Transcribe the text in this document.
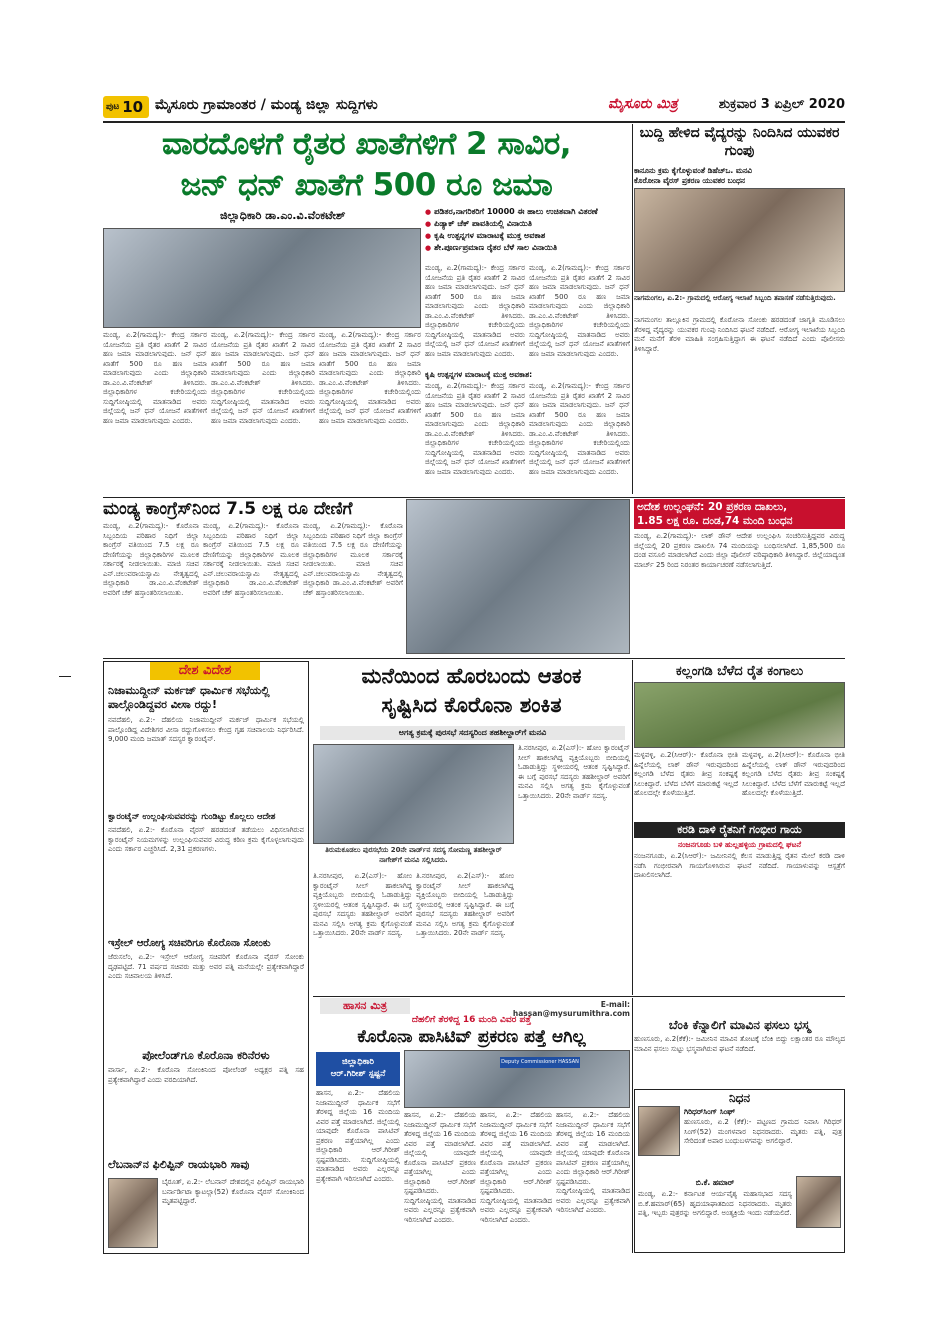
ಪುಟ 10 ಮೈಸೂರು ಗ್ರಾಮಾಂತರ / ಮಂಡ್ಯ ಜಿಲ್ಲಾ ಸುದ್ದಿಗಳು	ಮೈಸೂರು ಮಿತ್ರ	ಶುಕ್ರವಾರ 3 ಏಪ್ರಿಲ್ 2020
ವಾರದೊಳಗೆ ರೈತರ ಖಾತೆಗಳಿಗೆ 2 ಸಾವಿರ,
ಜನ್ ಧನ್ ಖಾತೆಗೆ 500 ರೂ ಜಮಾ
ಜಿಲ್ಲಾಧಿಕಾರಿ ಡಾ.ಎಂ.ವಿ.ವೆಂಕಟೇಶ್
●	ಪಡಿತರ,ನಾಗರಿಕರಿಗೆ 10000 ಈ ಹಾಲು ಉಚಿತವಾಗಿ ವಿತರಣೆ
● ಪಿಡ್ಯಾಕ್ ಚೆಕ್ ಪಾವತಿಯಲ್ಲಿ ವಿನಾಯಿತಿ
● ಕೃಷಿ ಉತ್ಪನ್ನಗಳ ಮಾರಾಟಕ್ಕೆ ಮುಕ್ತ ಅವಕಾಶ
● ಶೇ.ಪೂರ್ಣಪ್ರಮಾಣ ರೈತರ ಬೆಳೆ ಸಾಲ ವಿನಾಯಿತಿ
ಮಂಡ್ಯ, ಏ.2(ಗಾಮದ್ಯ):- ಕೇಂದ್ರ ಸರ್ಕಾರ ಯೋಜನೆಯ ಪ್ರತಿ ರೈತರ ಖಾತೆಗೆ 2 ಸಾವಿರ ಹಣ ಜಮಾ ಮಾಡಲಾಗುವುದು. ಜನ್ ಧನ್ ಖಾತೆಗೆ 500 ರೂ ಹಣ ಜಮಾ ಮಾಡಲಾಗುವುದು ಎಂದು ಜಿಲ್ಲಾಧಿಕಾರಿ ಡಾ.ಎಂ.ವಿ.ವೆಂಕಟೇಶ್ ತಿಳಿಸಿದರು. ಜಿಲ್ಲಾಧಿಕಾರಿಗಳ ಕಚೇರಿಯಲ್ಲಿಂದು ಸುದ್ದಿಗೋಷ್ಠಿಯಲ್ಲಿ ಮಾತನಾಡಿದ ಅವರು ಜಿಲ್ಲೆಯಲ್ಲಿ ಜನ್ ಧನ್ ಯೋಜನೆ ಖಾತೆಗಳಿಗೆ ಹಣ ಜಮಾ ಮಾಡಲಾಗುವುದು ಎಂದರು.
ಮಂಡ್ಯ, ಏ.2(ಗಾಮದ್ಯ):- ಕೇಂದ್ರ ಸರ್ಕಾರ ಯೋಜನೆಯ ಪ್ರತಿ ರೈತರ ಖಾತೆಗೆ 2 ಸಾವಿರ ಹಣ ಜಮಾ ಮಾಡಲಾಗುವುದು. ಜನ್ ಧನ್ ಖಾತೆಗೆ 500 ರೂ ಹಣ ಜಮಾ ಮಾಡಲಾಗುವುದು ಎಂದು ಜಿಲ್ಲಾಧಿಕಾರಿ ಡಾ.ಎಂ.ವಿ.ವೆಂಕಟೇಶ್ ತಿಳಿಸಿದರು. ಜಿಲ್ಲಾಧಿಕಾರಿಗಳ ಕಚೇರಿಯಲ್ಲಿಂದು ಸುದ್ದಿಗೋಷ್ಠಿಯಲ್ಲಿ ಮಾತನಾಡಿದ ಅವರು ಜಿಲ್ಲೆಯಲ್ಲಿ ಜನ್ ಧನ್ ಯೋಜನೆ ಖಾತೆಗಳಿಗೆ ಹಣ ಜಮಾ ಮಾಡಲಾಗುವುದು ಎಂದರು.
ಮಂಡ್ಯ, ಏ.2(ಗಾಮದ್ಯ):- ಕೇಂದ್ರ ಸರ್ಕಾರ ಯೋಜನೆಯ ಪ್ರತಿ ರೈತರ ಖಾತೆಗೆ 2 ಸಾವಿರ ಹಣ ಜಮಾ ಮಾಡಲಾಗುವುದು. ಜನ್ ಧನ್ ಖಾತೆಗೆ 500 ರೂ ಹಣ ಜಮಾ ಮಾಡಲಾಗುವುದು ಎಂದು ಜಿಲ್ಲಾಧಿಕಾರಿ ಡಾ.ಎಂ.ವಿ.ವೆಂಕಟೇಶ್ ತಿಳಿಸಿದರು. ಜಿಲ್ಲಾಧಿಕಾರಿಗಳ ಕಚೇರಿಯಲ್ಲಿಂದು ಸುದ್ದಿಗೋಷ್ಠಿಯಲ್ಲಿ ಮಾತನಾಡಿದ ಅವರು ಜಿಲ್ಲೆಯಲ್ಲಿ ಜನ್ ಧನ್ ಯೋಜನೆ ಖಾತೆಗಳಿಗೆ ಹಣ ಜಮಾ ಮಾಡಲಾಗುವುದು ಎಂದರು.
ಮಂಡ್ಯ, ಏ.2(ಗಾಮದ್ಯ):- ಕೇಂದ್ರ ಸರ್ಕಾರ ಯೋಜನೆಯ ಪ್ರತಿ ರೈತರ ಖಾತೆಗೆ 2 ಸಾವಿರ ಹಣ ಜಮಾ ಮಾಡಲಾಗುವುದು. ಜನ್ ಧನ್ ಖಾತೆಗೆ 500 ರೂ ಹಣ ಜಮಾ ಮಾಡಲಾಗುವುದು ಎಂದು ಜಿಲ್ಲಾಧಿಕಾರಿ ಡಾ.ಎಂ.ವಿ.ವೆಂಕಟೇಶ್ ತಿಳಿಸಿದರು. ಜಿಲ್ಲಾಧಿಕಾರಿಗಳ ಕಚೇರಿಯಲ್ಲಿಂದು ಸುದ್ದಿಗೋಷ್ಠಿಯಲ್ಲಿ ಮಾತನಾಡಿದ ಅವರು ಜಿಲ್ಲೆಯಲ್ಲಿ ಜನ್ ಧನ್ ಯೋಜನೆ ಖಾತೆಗಳಿಗೆ ಹಣ ಜಮಾ ಮಾಡಲಾಗುವುದು ಎಂದರು.
ಮಂಡ್ಯ, ಏ.2(ಗಾಮದ್ಯ):- ಕೇಂದ್ರ ಸರ್ಕಾರ ಯೋಜನೆಯ ಪ್ರತಿ ರೈತರ ಖಾತೆಗೆ 2 ಸಾವಿರ ಹಣ ಜಮಾ ಮಾಡಲಾಗುವುದು. ಜನ್ ಧನ್ ಖಾತೆಗೆ 500 ರೂ ಹಣ ಜಮಾ ಮಾಡಲಾಗುವುದು ಎಂದು ಜಿಲ್ಲಾಧಿಕಾರಿ ಡಾ.ಎಂ.ವಿ.ವೆಂಕಟೇಶ್ ತಿಳಿಸಿದರು. ಜಿಲ್ಲಾಧಿಕಾರಿಗಳ ಕಚೇರಿಯಲ್ಲಿಂದು ಸುದ್ದಿಗೋಷ್ಠಿಯಲ್ಲಿ ಮಾತನಾಡಿದ ಅವರು ಜಿಲ್ಲೆಯಲ್ಲಿ ಜನ್ ಧನ್ ಯೋಜನೆ ಖಾತೆಗಳಿಗೆ ಹಣ ಜಮಾ ಮಾಡಲಾಗುವುದು ಎಂದರು.
ಕೃಷಿ ಉತ್ಪನ್ನಗಳ ಮಾರಾಟಕ್ಕೆ ಮುಕ್ತ ಅವಕಾಶ:
ಮಂಡ್ಯ, ಏ.2(ಗಾಮದ್ಯ):- ಕೇಂದ್ರ ಸರ್ಕಾರ ಯೋಜನೆಯ ಪ್ರತಿ ರೈತರ ಖಾತೆಗೆ 2 ಸಾವಿರ ಹಣ ಜಮಾ ಮಾಡಲಾಗುವುದು. ಜನ್ ಧನ್ ಖಾತೆಗೆ 500 ರೂ ಹಣ ಜಮಾ ಮಾಡಲಾಗುವುದು ಎಂದು ಜಿಲ್ಲಾಧಿಕಾರಿ ಡಾ.ಎಂ.ವಿ.ವೆಂಕಟೇಶ್ ತಿಳಿಸಿದರು. ಜಿಲ್ಲಾಧಿಕಾರಿಗಳ ಕಚೇರಿಯಲ್ಲಿಂದು ಸುದ್ದಿಗೋಷ್ಠಿಯಲ್ಲಿ ಮಾತನಾಡಿದ ಅವರು ಜಿಲ್ಲೆಯಲ್ಲಿ ಜನ್ ಧನ್ ಯೋಜನೆ ಖಾತೆಗಳಿಗೆ ಹಣ ಜಮಾ ಮಾಡಲಾಗುವುದು ಎಂದರು.
ಮಂಡ್ಯ, ಏ.2(ಗಾಮದ್ಯ):- ಕೇಂದ್ರ ಸರ್ಕಾರ ಯೋಜನೆಯ ಪ್ರತಿ ರೈತರ ಖಾತೆಗೆ 2 ಸಾವಿರ ಹಣ ಜಮಾ ಮಾಡಲಾಗುವುದು. ಜನ್ ಧನ್ ಖಾತೆಗೆ 500 ರೂ ಹಣ ಜಮಾ ಮಾಡಲಾಗುವುದು ಎಂದು ಜಿಲ್ಲಾಧಿಕಾರಿ ಡಾ.ಎಂ.ವಿ.ವೆಂಕಟೇಶ್ ತಿಳಿಸಿದರು. ಜಿಲ್ಲಾಧಿಕಾರಿಗಳ ಕಚೇರಿಯಲ್ಲಿಂದು ಸುದ್ದಿಗೋಷ್ಠಿಯಲ್ಲಿ ಮಾತನಾಡಿದ ಅವರು ಜಿಲ್ಲೆಯಲ್ಲಿ ಜನ್ ಧನ್ ಯೋಜನೆ ಖಾತೆಗಳಿಗೆ ಹಣ ಜಮಾ ಮಾಡಲಾಗುವುದು ಎಂದರು.
ಬುದ್ದಿ ಹೇಳಿದ ವೈದ್ಯರನ್ನು ನಿಂದಿಸಿದ ಯುವಕರ ಗುಂಪು
ಕಾನೂನು ಕ್ರಮ ಕೈಗೊಳ್ಳುವಂತೆ ಡಿಹೆಚ್ಒ. ಮನವಿ
ಕೊರೋನಾ ವೈರಸ್ ಪ್ರಕರಣ ಯುವಕರ ಬಂಧನ
ನಾಗಮಂಗಲ, ಏ.2:- ಗ್ರಾಮದಲ್ಲಿ ಆರೋಗ್ಯ ಇಲಾಖೆ ಸಿಬ್ಬಂದಿ ತಪಾಸಣೆ ನಡೆಸುತ್ತಿರುವುದು.
ನಾಗಮಂಗಲ ತಾಲ್ಲೂಕಿನ ಗ್ರಾಮದಲ್ಲಿ ಕೊರೋನಾ ಸೋಂಕು ಹರಡದಂತೆ ಜಾಗೃತಿ ಮೂಡಿಸಲು ತೆರಳಿದ್ದ ವೈದ್ಯರನ್ನು ಯುವಕರ ಗುಂಪು ನಿಂದಿಸಿದ ಘಟನೆ ನಡೆದಿದೆ. ಆರೋಗ್ಯ ಇಲಾಖೆಯ ಸಿಬ್ಬಂದಿ ಮನೆ ಮನೆಗೆ ತೆರಳಿ ಮಾಹಿತಿ ಸಂಗ್ರಹಿಸುತ್ತಿದ್ದಾಗ ಈ ಘಟನೆ ನಡೆದಿದೆ ಎಂದು ಪೊಲೀಸರು ತಿಳಿಸಿದ್ದಾರೆ.
ಮಂಡ್ಯ ಕಾಂಗ್ರೆಸ್‌ನಿಂದ 7.5 ಲಕ್ಷ ರೂ ದೇಣಿಗೆ
ಮಂಡ್ಯ, ಏ.2(ಗಾಮದ್ಯ):- ಕೊರೊನಾ ಸಿಬ್ಬಂದಿಯ ಪರಿಹಾರ ನಿಧಿಗೆ ಜಿಲ್ಲಾ ಕಾಂಗ್ರೆಸ್ ವತಿಯಿಂದ 7.5 ಲಕ್ಷ ರೂ ದೇಣಿಗೆಯನ್ನು ಜಿಲ್ಲಾಧಿಕಾರಿಗಳ ಮೂಲಕ ಸರ್ಕಾರಕ್ಕೆ ನೀಡಲಾಯಿತು. ಮಾಜಿ ಸಚಿವ ಎನ್.ಚಲುವರಾಯಸ್ವಾಮಿ ನೇತೃತ್ವದಲ್ಲಿ ಜಿಲ್ಲಾಧಿಕಾರಿ ಡಾ.ಎಂ.ವಿ.ವೆಂಕಟೇಶ್ ಅವರಿಗೆ ಚೆಕ್ ಹಸ್ತಾಂತರಿಸಲಾಯಿತು.
ಮಂಡ್ಯ, ಏ.2(ಗಾಮದ್ಯ):- ಕೊರೊನಾ ಸಿಬ್ಬಂದಿಯ ಪರಿಹಾರ ನಿಧಿಗೆ ಜಿಲ್ಲಾ ಕಾಂಗ್ರೆಸ್ ವತಿಯಿಂದ 7.5 ಲಕ್ಷ ರೂ ದೇಣಿಗೆಯನ್ನು ಜಿಲ್ಲಾಧಿಕಾರಿಗಳ ಮೂಲಕ ಸರ್ಕಾರಕ್ಕೆ ನೀಡಲಾಯಿತು. ಮಾಜಿ ಸಚಿವ ಎನ್.ಚಲುವರಾಯಸ್ವಾಮಿ ನೇತೃತ್ವದಲ್ಲಿ ಜಿಲ್ಲಾಧಿಕಾರಿ ಡಾ.ಎಂ.ವಿ.ವೆಂಕಟೇಶ್ ಅವರಿಗೆ ಚೆಕ್ ಹಸ್ತಾಂತರಿಸಲಾಯಿತು.
ಮಂಡ್ಯ, ಏ.2(ಗಾಮದ್ಯ):- ಕೊರೊನಾ ಸಿಬ್ಬಂದಿಯ ಪರಿಹಾರ ನಿಧಿಗೆ ಜಿಲ್ಲಾ ಕಾಂಗ್ರೆಸ್ ವತಿಯಿಂದ 7.5 ಲಕ್ಷ ರೂ ದೇಣಿಗೆಯನ್ನು ಜಿಲ್ಲಾಧಿಕಾರಿಗಳ ಮೂಲಕ ಸರ್ಕಾರಕ್ಕೆ ನೀಡಲಾಯಿತು. ಮಾಜಿ ಸಚಿವ ಎನ್.ಚಲುವರಾಯಸ್ವಾಮಿ ನೇತೃತ್ವದಲ್ಲಿ ಜಿಲ್ಲಾಧಿಕಾರಿ ಡಾ.ಎಂ.ವಿ.ವೆಂಕಟೇಶ್ ಅವರಿಗೆ ಚೆಕ್ ಹಸ್ತಾಂತರಿಸಲಾಯಿತು.
ಅದೇಶ ಉಲ್ಲಂಘನೆ: 20 ಪ್ರಕರಣ ದಾಖಲು,
1.85 ಲಕ್ಷ ರೂ. ದಂಡ,74 ಮಂದಿ ಬಂಧನ
ಮಂಡ್ಯ, ಏ.2(ಗಾಮದ್ಯ):- ಲಾಕ್ ಡೌನ್ ಆದೇಶ ಉಲ್ಲಂಘಿಸಿ ಸಂಚರಿಸುತ್ತಿದ್ದವರ ವಿರುದ್ಧ ಜಿಲ್ಲೆಯಲ್ಲಿ 20 ಪ್ರಕರಣ ದಾಖಲಿಸಿ 74 ಮಂದಿಯನ್ನು ಬಂಧಿಸಲಾಗಿದೆ. 1,85,500 ರೂ ದಂಡ ವಸೂಲಿ ಮಾಡಲಾಗಿದೆ ಎಂದು ಜಿಲ್ಲಾ ಪೊಲೀಸ್ ವರಿಷ್ಠಾಧಿಕಾರಿ ತಿಳಿಸಿದ್ದಾರೆ. ಜಿಲ್ಲೆಯಾದ್ಯಂತ ಮಾರ್ಚ್ 25 ರಿಂದ ನಿರಂತರ ಕಾರ್ಯಾಚರಣೆ ನಡೆಸಲಾಗುತ್ತಿದೆ.
ದೇಶ ವಿದೇಶ
ನಿಜಾಮುದ್ದೀನ್ ಮರ್ಕಜ್ ಧಾರ್ಮಿಕ ಸಭೆಯಲ್ಲಿ ಪಾಲ್ಗೊಂಡಿದ್ದವರ ವೀಸಾ ರದ್ದು!
ನವದೆಹಲಿ, ಏ.2:- ದೆಹಲಿಯ ನಿಜಾಮುದ್ದೀನ್ ಮರ್ಕಜ್ ಧಾರ್ಮಿಕ ಸಭೆಯಲ್ಲಿ ಪಾಲ್ಗೊಂಡಿದ್ದ ವಿದೇಶಿಗರ ವೀಸಾ ರದ್ದುಗೊಳಿಸಲು ಕೇಂದ್ರ ಗೃಹ ಸಚಿವಾಲಯ ನಿರ್ಧರಿಸಿದೆ. 9,000 ಮಂದಿ ಜಮಾತ್ ಸದಸ್ಯರ ಕ್ವಾರಂಟೈನ್.
ಕ್ವಾರಂಟೈನ್ ಉಲ್ಲಂಘಿಸುವವರನ್ನು ಗುಂಡಿಟ್ಟು ಕೊಲ್ಲಲು ಆದೇಶ
ನವದೆಹಲಿ, ಏ.2:- ಕೊರೊನಾ ವೈರಸ್ ಹರಡದಂತೆ ತಡೆಯಲು ವಿಧಿಸಲಾಗಿರುವ ಕ್ವಾರಂಟೈನ್ ನಿಯಮಗಳನ್ನು ಉಲ್ಲಂಘಿಸುವವರ ವಿರುದ್ಧ ಕಠಿಣ ಕ್ರಮ ಕೈಗೊಳ್ಳಲಾಗುವುದು ಎಂದು ಸರ್ಕಾರ ಎಚ್ಚರಿಸಿದೆ. 2,31 ಪ್ರಕರಣಗಳು.
ಇಸ್ರೇಲ್ ಆರೋಗ್ಯ ಸಚಿವರಿಗೂ ಕೊರೊನಾ ಸೋಂಕು
ಜೆರುಸಲೆಂ, ಏ.2:- ಇಸ್ರೇಲ್ ಆರೋಗ್ಯ ಸಚಿವರಿಗೆ ಕೊರೊನಾ ವೈರಸ್ ಸೋಂಕು ದೃಢಪಟ್ಟಿದೆ. 71 ವರ್ಷದ ಸಚಿವರು ಮತ್ತು ಅವರ ಪತ್ನಿ ಮನೆಯಲ್ಲೇ ಪ್ರತ್ಯೇಕವಾಗಿದ್ದಾರೆ ಎಂದು ಸಚಿವಾಲಯ ತಿಳಿಸಿದೆ.
ಪೋಲೆಂಡ್‌ಗೂ ಕೊರೊನಾ ಕರಿನೆರಳು
ವಾರ್ಸಾ, ಏ.2:- ಕೊರೊನಾ ಸೋಂಕಿನಿಂದ ಪೋಲೆಂಡ್ ಅಧ್ಯಕ್ಷರ ಪತ್ನಿ ಸಹ ಪ್ರತ್ಯೇಕವಾಗಿದ್ದಾರೆ ಎಂದು ವರದಿಯಾಗಿದೆ.
ಲೆಬನಾನ್‌ನ ಫಿಲಿಪ್ಪಿನ್ ರಾಯಭಾರಿ ಸಾವು
ಬೈರೂತ್, ಏ.2:- ಲೆಬನಾನ್ ದೇಶದಲ್ಲಿನ ಫಿಲಿಪ್ಪಿನ್ ರಾಯಭಾರಿ ಬರ್ನಾರ್ಡಿಟಾ ಕ್ಯಾಟಲ್ಲಾ(52) ಕೊರೊನಾ ವೈರಸ್ ಸೋಂಕಿನಿಂದ ಮೃತಪಟ್ಟಿದ್ದಾರೆ.
ಮನೆಯಿಂದ ಹೊರಬಂದು ಆತಂಕ
ಸೃಷ್ಟಿಸಿದ ಕೊರೊನಾ ಶಂಕಿತ
ಅಗತ್ಯ ಕ್ರಮಕ್ಕೆ ಪುರಸಭೆ ಸದಸ್ಯರಿಂದ ತಹಶೀಲ್ದಾರ್‌ಗೆ ಮನವಿ
ತಿರುಮಕೂಡಲು ಪುರಸಭೆಯ 20ನೇ ವಾರ್ಡ್‌ನ ಸದಸ್ಯ ಸೋಮಣ್ಣ ತಹಶೀಲ್ದಾರ್ ನಾಗೇಶ್‌ಗೆ ಮನವಿ ಸಲ್ಲಿಸಿದರು.
ತಿ.ನರಸೀಪುರ, ಏ.2(ಎಸ್):- ಹೋಂ ಕ್ವಾರಂಟೈನ್ ಸೀಲ್ ಹಾಕಲಾಗಿದ್ದ ವ್ಯಕ್ತಿಯೊಬ್ಬರು ಬೀದಿಯಲ್ಲಿ ಓಡಾಡುತ್ತಿದ್ದು ಸ್ಥಳೀಯರಲ್ಲಿ ಆತಂಕ ಸೃಷ್ಟಿಸಿದ್ದಾರೆ. ಈ ಬಗ್ಗೆ ಪುರಸಭೆ ಸದಸ್ಯರು ತಹಶೀಲ್ದಾರ್ ಅವರಿಗೆ ಮನವಿ ಸಲ್ಲಿಸಿ ಅಗತ್ಯ ಕ್ರಮ ಕೈಗೊಳ್ಳುವಂತೆ ಒತ್ತಾಯಿಸಿದರು. 20ನೇ ವಾರ್ಡ್ ಸದಸ್ಯ.
ತಿ.ನರಸೀಪುರ, ಏ.2(ಎಸ್):- ಹೋಂ ಕ್ವಾರಂಟೈನ್ ಸೀಲ್ ಹಾಕಲಾಗಿದ್ದ ವ್ಯಕ್ತಿಯೊಬ್ಬರು ಬೀದಿಯಲ್ಲಿ ಓಡಾಡುತ್ತಿದ್ದು ಸ್ಥಳೀಯರಲ್ಲಿ ಆತಂಕ ಸೃಷ್ಟಿಸಿದ್ದಾರೆ. ಈ ಬಗ್ಗೆ ಪುರಸಭೆ ಸದಸ್ಯರು ತಹಶೀಲ್ದಾರ್ ಅವರಿಗೆ ಮನವಿ ಸಲ್ಲಿಸಿ ಅಗತ್ಯ ಕ್ರಮ ಕೈಗೊಳ್ಳುವಂತೆ ಒತ್ತಾಯಿಸಿದರು. 20ನೇ ವಾರ್ಡ್ ಸದಸ್ಯ.
ತಿ.ನರಸೀಪುರ, ಏ.2(ಎಸ್):- ಹೋಂ ಕ್ವಾರಂಟೈನ್ ಸೀಲ್ ಹಾಕಲಾಗಿದ್ದ ವ್ಯಕ್ತಿಯೊಬ್ಬರು ಬೀದಿಯಲ್ಲಿ ಓಡಾಡುತ್ತಿದ್ದು ಸ್ಥಳೀಯರಲ್ಲಿ ಆತಂಕ ಸೃಷ್ಟಿಸಿದ್ದಾರೆ. ಈ ಬಗ್ಗೆ ಪುರಸಭೆ ಸದಸ್ಯರು ತಹಶೀಲ್ದಾರ್ ಅವರಿಗೆ ಮನವಿ ಸಲ್ಲಿಸಿ ಅಗತ್ಯ ಕ್ರಮ ಕೈಗೊಳ್ಳುವಂತೆ ಒತ್ತಾಯಿಸಿದರು. 20ನೇ ವಾರ್ಡ್ ಸದಸ್ಯ.
ಕಲ್ಲಂಗಡಿ ಬೆಳೆದ ರೈತ ಕಂಗಾಲು
ಮಳ್ಳವಳ್ಳಿ, ಏ.2(ಸಿಆರ್):- ಕೊರೊನಾ ಭೀತಿ ಹಿನ್ನೆಲೆಯಲ್ಲಿ ಲಾಕ್ ಡೌನ್ ಇರುವುದರಿಂದ ಕಲ್ಲಂಗಡಿ ಬೆಳೆದ ರೈತರು ತೀವ್ರ ಸಂಕಷ್ಟಕ್ಕೆ ಸಿಲುಕಿದ್ದಾರೆ. ಬೆಳೆದ ಬೆಳೆಗೆ ಮಾರುಕಟ್ಟೆ ಇಲ್ಲದೆ ಹೊಲದಲ್ಲೇ ಕೊಳೆಯುತ್ತಿದೆ.
ಮಳ್ಳವಳ್ಳಿ, ಏ.2(ಸಿಆರ್):- ಕೊರೊನಾ ಭೀತಿ ಹಿನ್ನೆಲೆಯಲ್ಲಿ ಲಾಕ್ ಡೌನ್ ಇರುವುದರಿಂದ ಕಲ್ಲಂಗಡಿ ಬೆಳೆದ ರೈತರು ತೀವ್ರ ಸಂಕಷ್ಟಕ್ಕೆ ಸಿಲುಕಿದ್ದಾರೆ. ಬೆಳೆದ ಬೆಳೆಗೆ ಮಾರುಕಟ್ಟೆ ಇಲ್ಲದೆ ಹೊಲದಲ್ಲೇ ಕೊಳೆಯುತ್ತಿದೆ.
ಕರಡಿ ದಾಳಿ ರೈತನಿಗೆ ಗಂಭೀರ ಗಾಯ
ನಂಜನಗೂಡು ಬಳಿ ಹುಲ್ಲಹಳ್ಳಿಯ ಗ್ರಾಮದಲ್ಲಿ ಘಟನೆ
ನಂಜನಗೂಡು, ಏ.2(ಸಿಆರ್):- ಜಮೀನಿನಲ್ಲಿ ಕೆಲಸ ಮಾಡುತ್ತಿದ್ದ ರೈತನ ಮೇಲೆ ಕರಡಿ ದಾಳಿ ನಡೆಸಿ ಗಂಭೀರವಾಗಿ ಗಾಯಗೊಳಿಸಿರುವ ಘಟನೆ ನಡೆದಿದೆ. ಗಾಯಾಳುವನ್ನು ಆಸ್ಪತ್ರೆಗೆ ದಾಖಲಿಸಲಾಗಿದೆ.
ಹಾಸನ ಮಿತ್ರ	E-mail: hassan@mysurumithra.com
ದೆಹಲಿಗೆ ತೆರಳಿದ್ದ 16 ಮಂದಿ ವಿವರ ಪತ್ತೆ
ಕೊರೊನಾ ಪಾಸಿಟಿವ್ ಪ್ರಕರಣ ಪತ್ತೆ ಆಗಿಲ್ಲ
ಜಿಲ್ಲಾಧಿಕಾರಿ
ಆರ್.ಗಿರೀಶ್ ಸ್ಪಷ್ಟನೆ
Deputy Commissioner HASSAN
ಹಾಸನ, ಏ.2:- ದೆಹಲಿಯ ನಿಜಾಮುದ್ದೀನ್ ಧಾರ್ಮಿಕ ಸಭೆಗೆ ತೆರಳಿದ್ದ ಜಿಲ್ಲೆಯ 16 ಮಂದಿಯ ವಿವರ ಪತ್ತೆ ಮಾಡಲಾಗಿದೆ. ಜಿಲ್ಲೆಯಲ್ಲಿ ಯಾವುದೇ ಕೊರೊನಾ ಪಾಸಿಟಿವ್ ಪ್ರಕರಣ ಪತ್ತೆಯಾಗಿಲ್ಲ ಎಂದು ಜಿಲ್ಲಾಧಿಕಾರಿ ಆರ್.ಗಿರೀಶ್ ಸ್ಪಷ್ಟಪಡಿಸಿದರು. ಸುದ್ದಿಗೋಷ್ಠಿಯಲ್ಲಿ ಮಾತನಾಡಿದ ಅವರು ಎಲ್ಲರನ್ನೂ ಪ್ರತ್ಯೇಕವಾಗಿ ಇರಿಸಲಾಗಿದೆ ಎಂದರು.
ಹಾಸನ, ಏ.2:- ದೆಹಲಿಯ ನಿಜಾಮುದ್ದೀನ್ ಧಾರ್ಮಿಕ ಸಭೆಗೆ ತೆರಳಿದ್ದ ಜಿಲ್ಲೆಯ 16 ಮಂದಿಯ ವಿವರ ಪತ್ತೆ ಮಾಡಲಾಗಿದೆ. ಜಿಲ್ಲೆಯಲ್ಲಿ ಯಾವುದೇ ಕೊರೊನಾ ಪಾಸಿಟಿವ್ ಪ್ರಕರಣ ಪತ್ತೆಯಾಗಿಲ್ಲ ಎಂದು ಜಿಲ್ಲಾಧಿಕಾರಿ ಆರ್.ಗಿರೀಶ್ ಸ್ಪಷ್ಟಪಡಿಸಿದರು. ಸುದ್ದಿಗೋಷ್ಠಿಯಲ್ಲಿ ಮಾತನಾಡಿದ ಅವರು ಎಲ್ಲರನ್ನೂ ಪ್ರತ್ಯೇಕವಾಗಿ ಇರಿಸಲಾಗಿದೆ ಎಂದರು.
ಹಾಸನ, ಏ.2:- ದೆಹಲಿಯ ನಿಜಾಮುದ್ದೀನ್ ಧಾರ್ಮಿಕ ಸಭೆಗೆ ತೆರಳಿದ್ದ ಜಿಲ್ಲೆಯ 16 ಮಂದಿಯ ವಿವರ ಪತ್ತೆ ಮಾಡಲಾಗಿದೆ. ಜಿಲ್ಲೆಯಲ್ಲಿ ಯಾವುದೇ ಕೊರೊನಾ ಪಾಸಿಟಿವ್ ಪ್ರಕರಣ ಪತ್ತೆಯಾಗಿಲ್ಲ ಎಂದು ಜಿಲ್ಲಾಧಿಕಾರಿ ಆರ್.ಗಿರೀಶ್ ಸ್ಪಷ್ಟಪಡಿಸಿದರು. ಸುದ್ದಿಗೋಷ್ಠಿಯಲ್ಲಿ ಮಾತನಾಡಿದ ಅವರು ಎಲ್ಲರನ್ನೂ ಪ್ರತ್ಯೇಕವಾಗಿ ಇರಿಸಲಾಗಿದೆ ಎಂದರು.
ಹಾಸನ, ಏ.2:- ದೆಹಲಿಯ ನಿಜಾಮುದ್ದೀನ್ ಧಾರ್ಮಿಕ ಸಭೆಗೆ ತೆರಳಿದ್ದ ಜಿಲ್ಲೆಯ 16 ಮಂದಿಯ ವಿವರ ಪತ್ತೆ ಮಾಡಲಾಗಿದೆ. ಜಿಲ್ಲೆಯಲ್ಲಿ ಯಾವುದೇ ಕೊರೊನಾ ಪಾಸಿಟಿವ್ ಪ್ರಕರಣ ಪತ್ತೆಯಾಗಿಲ್ಲ ಎಂದು ಜಿಲ್ಲಾಧಿಕಾರಿ ಆರ್.ಗಿರೀಶ್ ಸ್ಪಷ್ಟಪಡಿಸಿದರು. ಸುದ್ದಿಗೋಷ್ಠಿಯಲ್ಲಿ ಮಾತನಾಡಿದ ಅವರು ಎಲ್ಲರನ್ನೂ ಪ್ರತ್ಯೇಕವಾಗಿ ಇರಿಸಲಾಗಿದೆ ಎಂದರು.
ಬೆಂಕಿ ಕೆನ್ನಾಲಿಗೆ ಮಾವಿನ ಫಸಲು ಭಸ್ಮ
ಹುಣಸೂರು, ಏ.2(ಕೆಕೆ):- ಜಮೀನಿನ ಮಾವಿನ ತೋಟಕ್ಕೆ ಬೆಂಕಿ ಬಿದ್ದು ಲಕ್ಷಾಂತರ ರೂ ಮೌಲ್ಯದ ಮಾವಿನ ಫಸಲು ಸುಟ್ಟು ಭಸ್ಮವಾಗಿರುವ ಘಟನೆ ನಡೆದಿದೆ.
ನಿಧನ
ಗಿರಿಧರ್‌ಸಿಂಗ್ ಸಿಂಘ್
ಹುಣಸೂರು, ಏ.2 (ಕೆಕೆ):- ಪಟ್ಟಣದ ಗ್ರಾಮದ ನಿವಾಸಿ ಗಿರಿಧರ್ ಸಿಂಗ್(52) ಮಂಗಳವಾರ ನಿಧನರಾದರು. ಮೃತರು ಪತ್ನಿ, ಪುತ್ರ ಸೇರಿದಂತೆ ಅಪಾರ ಬಂಧುಬಳಗವನ್ನು ಅಗಲಿದ್ದಾರೆ.
ಬಿ.ಕೆ. ಹಮಾರ್
ಮಂಡ್ಯ, ಏ.2:- ಕರ್ನಾಟಕ ಆರ್ಯವೈಶ್ಯ ಮಹಾಸಭಾದ ಸದಸ್ಯ ಬಿ.ಕೆ.ಹಮಾರ್(65) ಹೃದಯಾಘಾತದಿಂದ ನಿಧನರಾದರು. ಮೃತರು ಪತ್ನಿ, ಇಬ್ಬರು ಪುತ್ರರನ್ನು ಅಗಲಿದ್ದಾರೆ. ಅಂತ್ಯಕ್ರಿಯೆ ಇಂದು ನಡೆಯಲಿದೆ.
